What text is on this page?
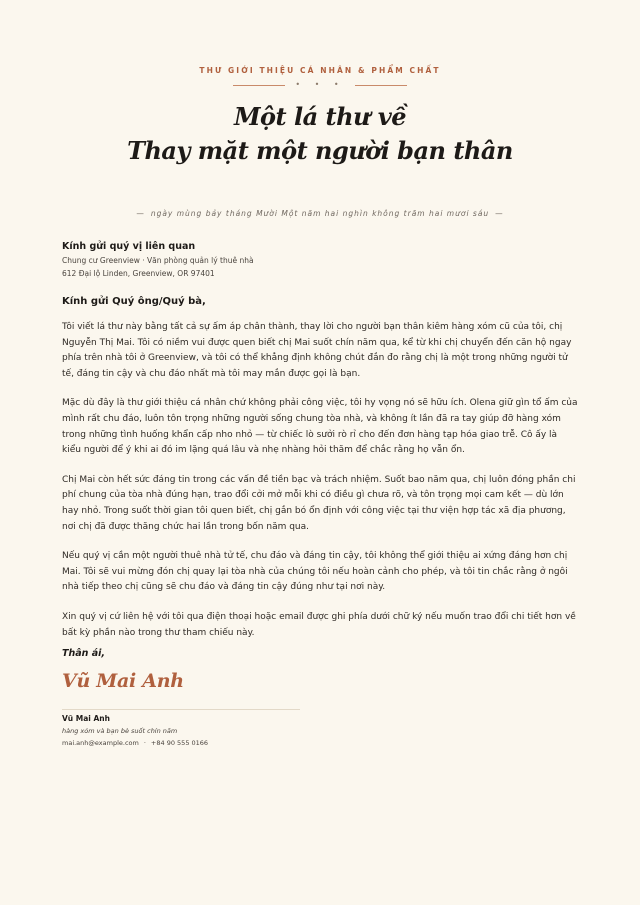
THƯ GIỚI THIỆU CÁ NHÂN & PHẨM CHẤT
• • •
Một lá thư về
Thay mặt một người bạn thân
— ngày mùng bảy tháng Mười Một năm hai nghìn không trăm hai mươi sáu —
Kính gửi quý vị liên quan
Chung cư Greenview · Văn phòng quản lý thuê nhà
612 Đại lộ Linden, Greenview, OR 97401
Kính gửi Quý ông/Quý bà,

Tôi viết lá thư này bằng tất cả sự ấm áp chân thành, thay lời cho người bạn thân kiêm hàng xóm cũ của tôi, chị Nguyễn Thị Mai. Tôi có niềm vui được quen biết chị Mai suốt chín năm qua, kể từ khi chị chuyển đến căn hộ ngay phía trên nhà tôi ở Greenview, và tôi có thể khẳng định không chút đắn đo rằng chị là một trong những người tử tế, đáng tin cậy và chu đáo nhất mà tôi may mắn được gọi là bạn.

Mặc dù đây là thư giới thiệu cá nhân chứ không phải công việc, tôi hy vọng nó sẽ hữu ích. Olena giữ gìn tổ ấm của mình rất chu đáo, luôn tôn trọng những người sống chung tòa nhà, và không ít lần đã ra tay giúp đỡ hàng xóm trong những tình huống khẩn cấp nho nhỏ — từ chiếc lò sưởi rò rỉ cho đến đơn hàng tạp hóa giao trễ. Cô ấy là kiểu người để ý khi ai đó im lặng quá lâu và nhẹ nhàng hỏi thăm để chắc rằng họ vẫn ổn.

Chị Mai còn hết sức đáng tin trong các vấn đề tiền bạc và trách nhiệm. Suốt bao năm qua, chị luôn đóng phần chi phí chung của tòa nhà đúng hạn, trao đổi cởi mở mỗi khi có điều gì chưa rõ, và tôn trọng mọi cam kết — dù lớn hay nhỏ. Trong suốt thời gian tôi quen biết, chị gắn bó ổn định với công việc tại thư viện hợp tác xã địa phương, nơi chị đã được thăng chức hai lần trong bốn năm qua.

Nếu quý vị cần một người thuê nhà tử tế, chu đáo và đáng tin cậy, tôi không thể giới thiệu ai xứng đáng hơn chị Mai. Tôi sẽ vui mừng đón chị quay lại tòa nhà của chúng tôi nếu hoàn cảnh cho phép, và tôi tin chắc rằng ở ngôi nhà tiếp theo chị cũng sẽ chu đáo và đáng tin cậy đúng như tại nơi này.

Xin quý vị cứ liên hệ với tôi qua điện thoại hoặc email được ghi phía dưới chữ ký nếu muốn trao đổi chi tiết hơn về bất kỳ phần nào trong thư tham chiếu này.

Thân ái,
Vũ Mai Anh
Vũ Mai Anh
hàng xóm và bạn bè suốt chín năm
mai.anh@example.com · +84 90 555 0166
